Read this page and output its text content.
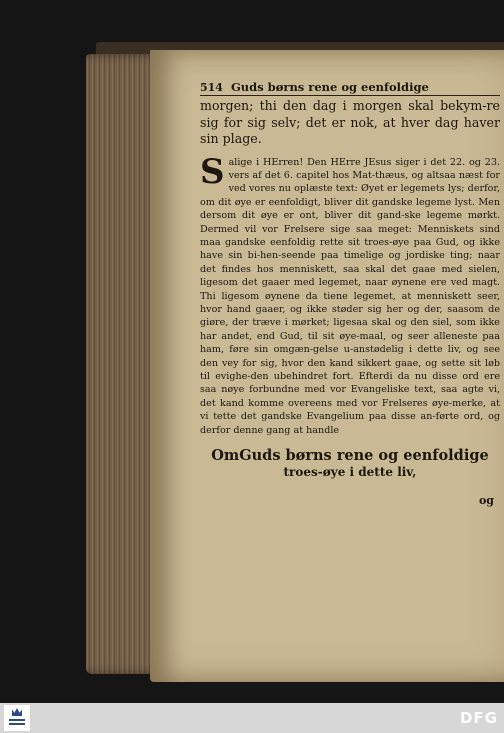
514 Guds børns rene og eenfoldige

morgen; thi den dag i morgen skal bekym-re sig for sig selv; det er nok, at hver dag haver sin plage.

Salige i HErren! Den HErre JEsus siger i det 22. og 23. vers af det 6. capitel hos Mat-thæus, og altsaa næst for ved vores nu oplæste text: Øyet er legemets lys; derfor, om dit øye er eenfoldigt, bliver dit gandske legeme lyst. Men dersom dit øye er ont, bliver dit gand-ske legeme mørkt. Dermed vil vor Frelsere sige saa meget: Menniskets sind maa gandske eenfoldig rette sit troes-øye paa Gud, og ikke have sin bi-hen-seende paa timelige og jordiske ting; naar det findes hos menniskett, saa skal det gaae med sielen, ligesom det gaaer med legemet, naar øynene ere ved magt. Thi ligesom øynene da tiene legemet, at menniskett seer, hvor hand gaaer, og ikke støder sig her og der, saasom de giøre, der træve i mørket; ligesaa skal og den siel, som ikke har andet, end Gud, til sit øye-maal, og seer alleneste paa ham, føre sin omgæn-gelse u-anstødelig i dette liv, og see den vey for sig, hvor den kand sikkert gaae, og sette sit løb til evighe-den ubehindret fort. Efterdi da nu disse ord ere saa nøye forbundne med vor Evangeliske text, saa agte vi, det kand komme overeens med vor Frelseres øye-merke, at vi tette det gandske Evangelium paa disse an-førte ord, og derfor denne gang at handle

OmGuds børns rene og eenfoldige
troes-øye i dette liv,
og
DFG
